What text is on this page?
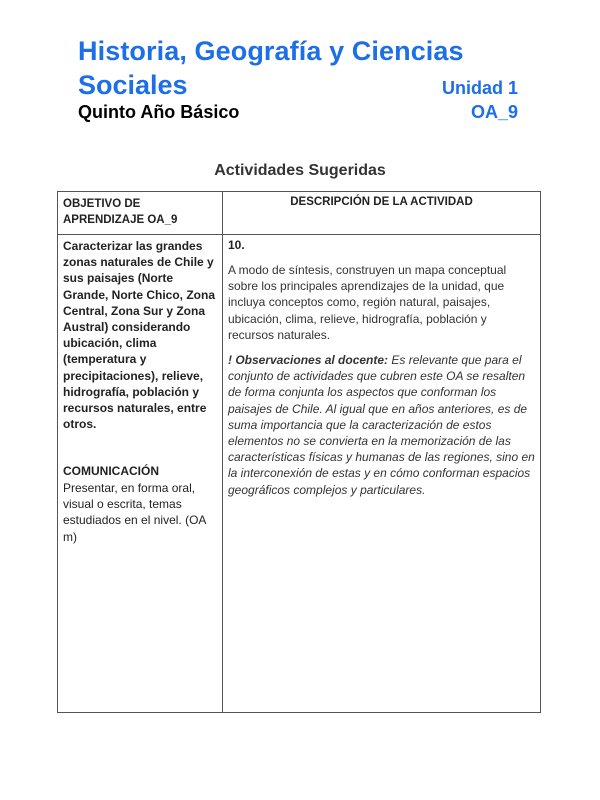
Historia, Geografía y Ciencias
Sociales	Unidad 1
Quinto Año Básico	OA_9
Actividades Sugeridas
OBJETIVO DE APRENDIZAJE OA_9
DESCRIPCIÓN DE LA ACTIVIDAD
Caracterizar las grandes zonas naturales de Chile y sus paisajes (Norte Grande, Norte Chico, Zona Central, Zona Sur y Zona Austral) considerando ubicación, clima (temperatura y precipitaciones), relieve, hidrografía, población y recursos naturales, entre otros.
COMUNICACIÓN
Presentar, en forma oral, visual o escrita, temas estudiados en el nivel. (OA m)
10.
A modo de síntesis, construyen un mapa conceptual sobre los principales aprendizajes de la unidad, que incluya conceptos como, región natural, paisajes, ubicación, clima, relieve, hidrografía, población y recursos naturales.
! Observaciones al docente: Es relevante que para el conjunto de actividades que cubren este OA se resalten de forma conjunta los aspectos que conforman los paisajes de Chile. Al igual que en años anteriores, es de suma importancia que la caracterización de estos elementos no se convierta en la memorización de las características físicas y humanas de las regiones, sino en la interconexión de estas y en cómo conforman espacios geográficos complejos y particulares.
